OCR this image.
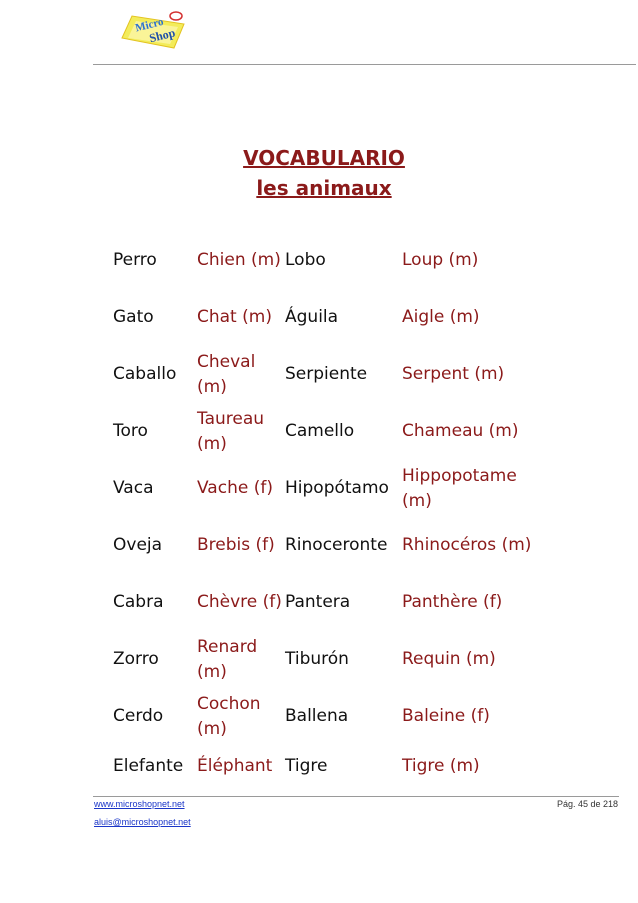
Micro
Shop
VOCABULARIO
les animaux
Perro	Chien (m)	Lobo	Loup (m)
Gato	Chat (m)	Águila	Aigle (m)
Caballo	Cheval (m)	Serpiente	Serpent (m)
Toro	Taureau (m)	Camello	Chameau (m)
Vaca	Vache (f)	Hipopótamo	Hippopotame (m)
Oveja	Brebis (f)	Rinoceronte	Rhinocéros (m)
Cabra	Chèvre (f)	Pantera	Panthère (f)
Zorro	Renard (m)	Tiburón	Requin (m)
Cerdo	Cochon (m)	Ballena	Baleine (f)
Elefante	Éléphant	Tigre	Tigre (m)
www.microshopnet.net
aluis@microshopnet.net
Pág. 45 de 218
